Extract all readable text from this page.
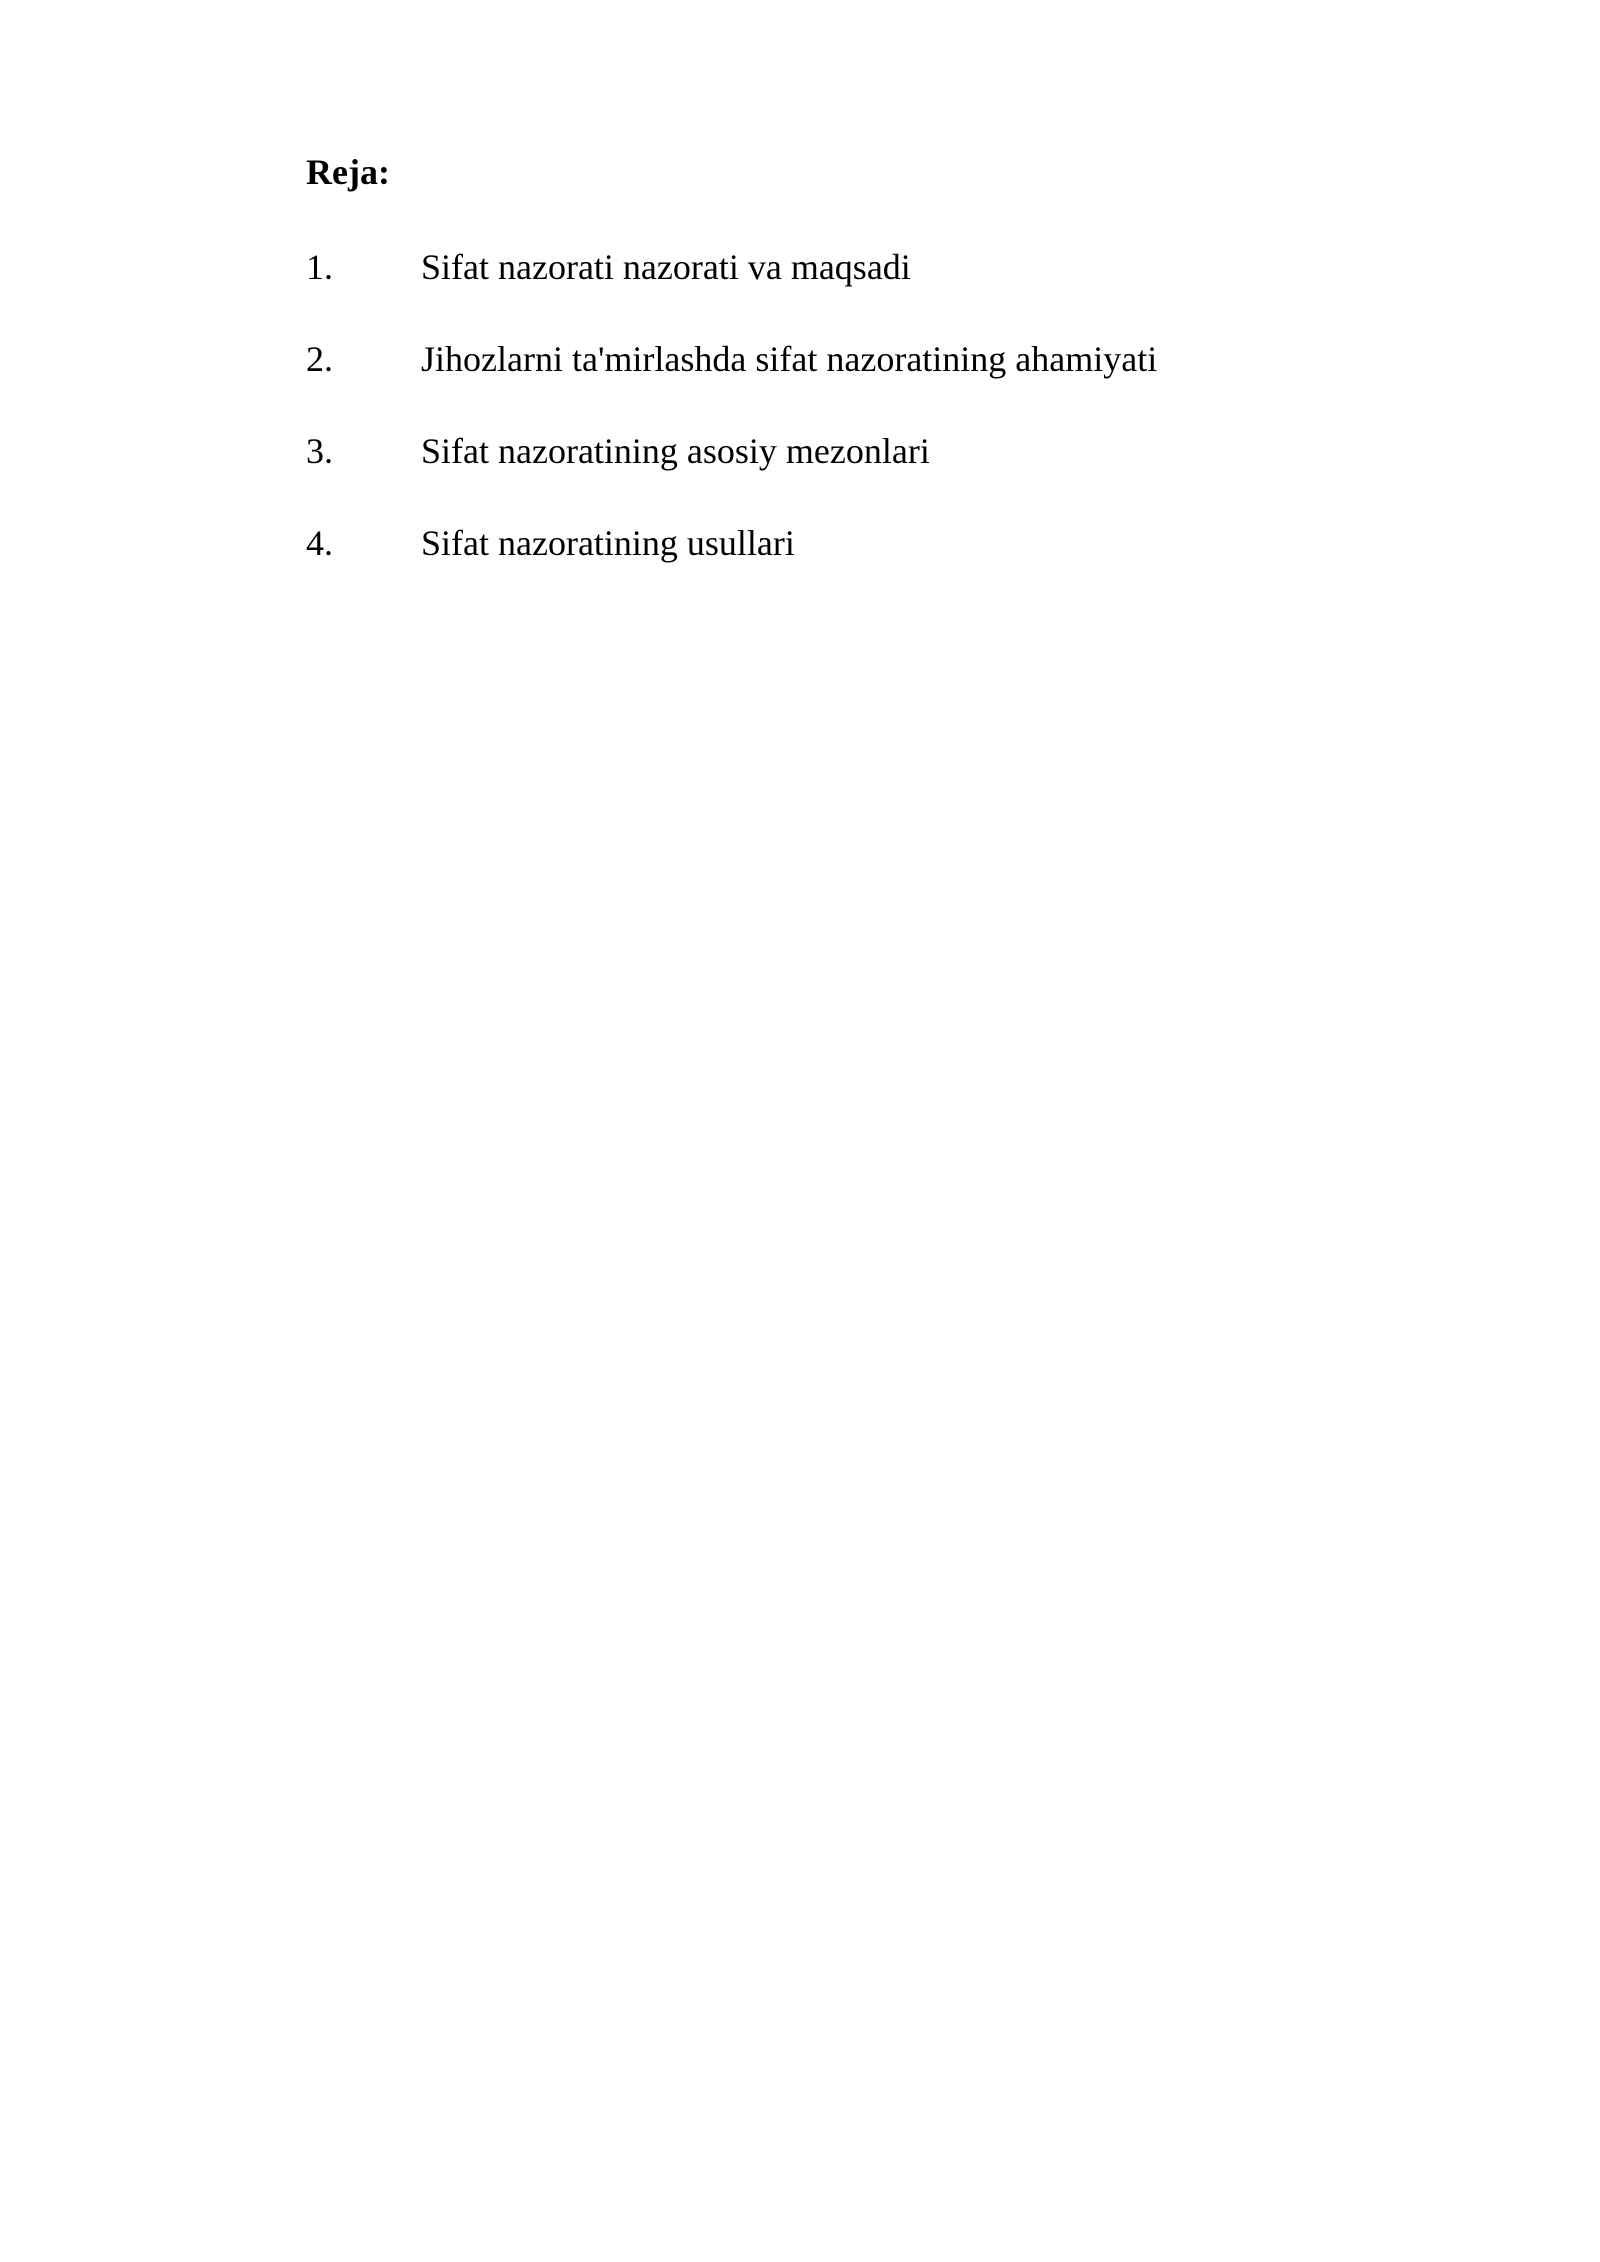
Reja:
1.	Sifat nazorati nazorati va maqsadi
2.	Jihozlarni ta'mirlashda sifat nazoratining ahamiyati
3.	Sifat nazoratining asosiy mezonlari
4.	Sifat nazoratining usullari
